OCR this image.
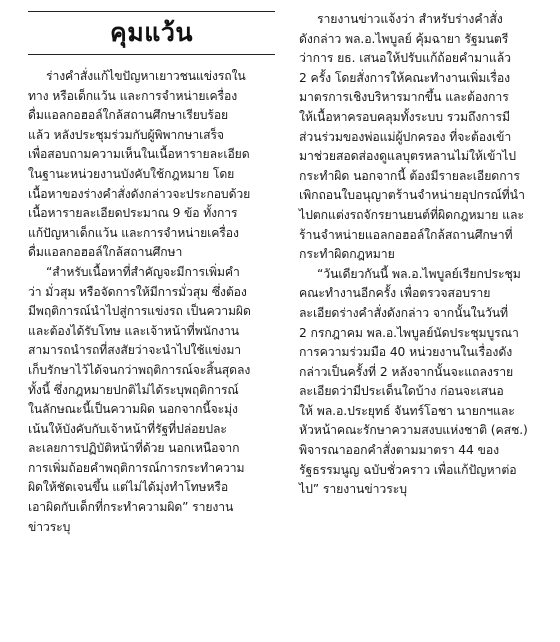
คุมแว้น

ร่างคำสั่งแก้ไขปัญหาเยาวชนแข่งรถใน
ทาง หรือเด็กแว้น และการจำหน่ายเครื่อง
ดื่มแอลกอฮอล์ใกล้สถานศึกษาเรียบร้อย
แล้ว หลังประชุมร่วมกับผู้พิพากษาเสร็จ
เพื่อสอบถามความเห็นในเนื้อหารายละเอียด
ในฐานะหน่วยงานบังคับใช้กฎหมาย โดย
เนื้อหาของร่างคำสั่งดังกล่าวจะประกอบด้วย
เนื้อหารายละเอียดประมาณ 9 ข้อ ทั้งการ
แก้ปัญหาเด็กแว้น และการจำหน่ายเครื่อง
ดื่มแอลกอฮอล์ใกล้สถานศึกษา

“สำหรับเนื้อหาที่สำคัญจะมีการเพิ่มคำ
ว่า มั่วสุม หรือจัดการให้มีการมั่วสุม ซึ่งต้อง
มีพฤติการณ์นำไปสู่การแข่งรถ เป็นความผิด
และต้องได้รับโทษ และเจ้าหน้าที่พนักงาน
สามารถนำรถที่สงสัยว่าจะนำไปใช้แข่งมา
เก็บรักษาไว้ได้จนกว่าพฤติการณ์จะสิ้นสุดลง
ทั้งนี้ ซึ่งกฎหมายปกติไม่ได้ระบุพฤติการณ์
ในลักษณะนี้เป็นความผิด นอกจากนี้จะมุ่ง
เน้นให้บังคับกับเจ้าหน้าที่รัฐที่ปล่อยปละ
ละเลยการปฏิบัติหน้าที่ด้วย นอกเหนือจาก
การเพิ่มถ้อยคำพฤติการณ์การกระทำความ
ผิดให้ชัดเจนขึ้น แต่ไม่ได้มุ่งทำโทษหรือ
เอาผิดกับเด็กที่กระทำความผิด” รายงาน
ข่าวระบุ

รายงานข่าวแจ้งว่า สำหรับร่างคำสั่ง
ดังกล่าว พล.อ.ไพบูลย์ คุ้มฉายา รัฐมนตรี
ว่าการ ยธ. เสนอให้ปรับแก้ถ้อยคำมาแล้ว
2 ครั้ง โดยสั่งการให้คณะทำงานเพิ่มเรื่อง
มาตรการเชิงบริหารมากขึ้น และต้องการ
ให้เนื้อหาครอบคลุมทั้งระบบ รวมถึงการมี
ส่วนร่วมของพ่อแม่ผู้ปกครอง ที่จะต้องเข้า
มาช่วยสอดส่องดูแลบุตรหลานไม่ให้เข้าไป
กระทำผิด นอกจากนี้ ต้องมีรายละเอียดการ
เพิกถอนใบอนุญาตร้านจำหน่ายอุปกรณ์ที่นำ
ไปตกแต่งรถจักรยานยนต์ที่ผิดกฎหมาย และ
ร้านจำหน่ายแอลกอฮอล์ใกล้สถานศึกษาที่
กระทำผิดกฎหมาย

“วันเดียวกันนี้ พล.อ.ไพบูลย์เรียกประชุม
คณะทำงานอีกครั้ง เพื่อตรวจสอบราย
ละเอียดร่างคำสั่งดังกล่าว จากนั้นในวันที่
2 กรกฎาคม พล.อ.ไพบูลย์นัดประชุมบูรณา
การความร่วมมือ 40 หน่วยงานในเรื่องดัง
กล่าวเป็นครั้งที่ 2 หลังจากนั้นจะแถลงราย
ละเอียดว่ามีประเด็นใดบ้าง ก่อนจะเสนอ
ให้ พล.อ.ประยุทธ์ จันทร์โอชา นายกฯและ
หัวหน้าคณะรักษาความสงบแห่งชาติ (คสช.)
พิจารณาออกคำสั่งตามมาตรา 44 ของ
รัฐธรรมนูญ ฉบับชั่วคราว เพื่อแก้ปัญหาต่อ
ไป” รายงานข่าวระบุ
